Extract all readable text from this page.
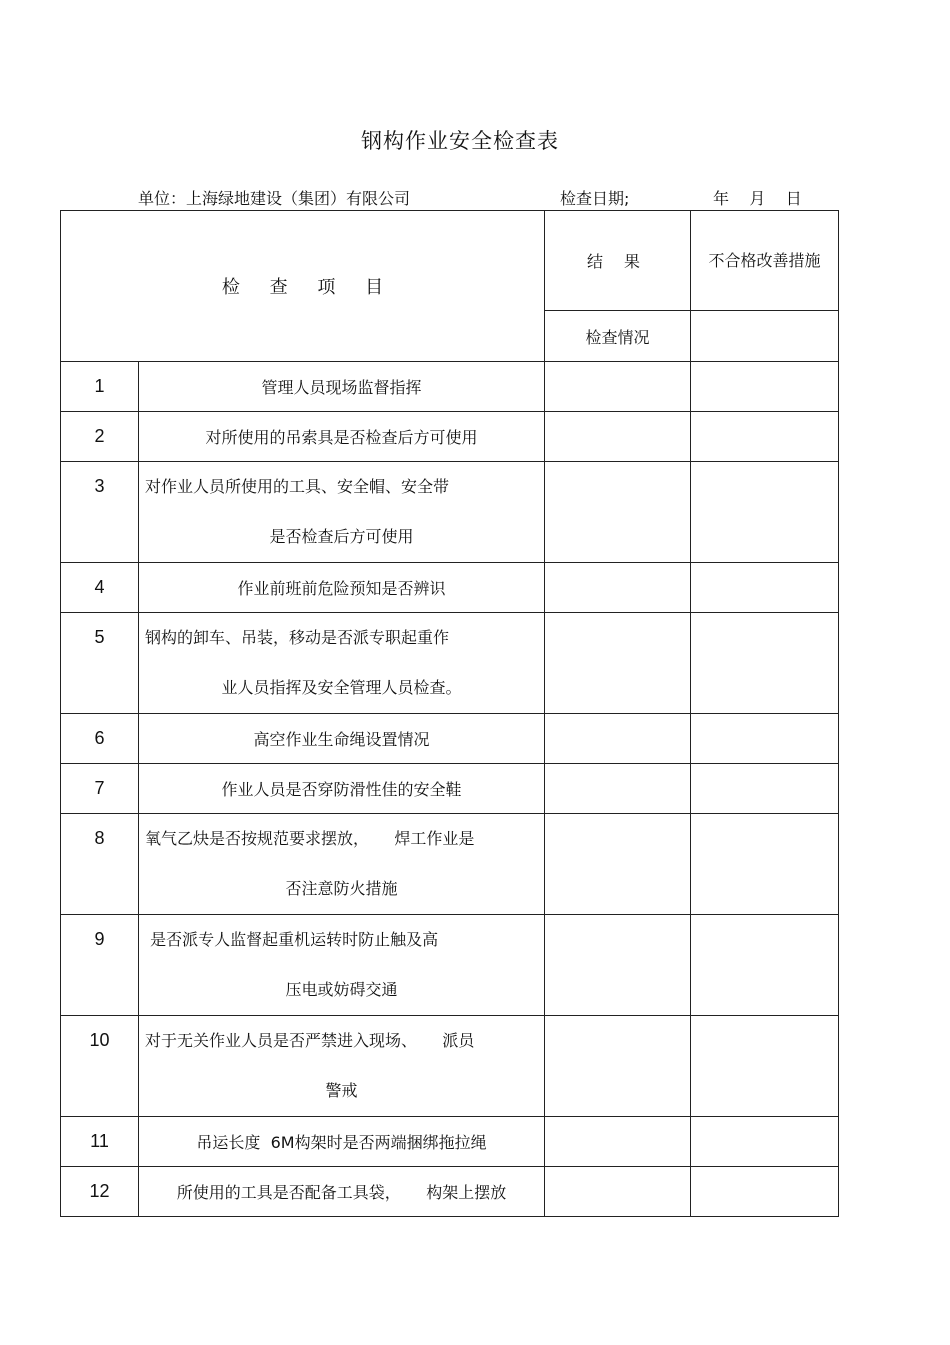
钢构作业安全检查表
单位：上海绿地建设（集团）有限公司	检查日期;	年    月    日
检 查 项 目		结 果	不合格改善措施
		检查情况	
1	管理人员现场监督指挥		

2	对所使用的吊索具是否检查后方可使用		

3	对作业人员所使用的工具、安全帽、安全带
是否检查后方可使用		

4	作业前班前危险预知是否辨识		

5	钢构的卸车、吊装，移动是否派专职起重作
业人员指挥及安全管理人员检查。		

6	高空作业生命绳设置情况		

7	作业人员是否穿防滑性佳的安全鞋		

8	氧气乙炔是否按规范要求摆放，     焊工作业是
否注意防火措施		

9	是否派专人监督起重机运转时防止触及高
压电或妨碍交通		

10	对于无关作业人员是否严禁进入现场、     派员
警戒		

11	吊运长度  6M构架时是否两端捆绑拖拉绳		

12	所使用的工具是否配备工具袋，     构架上摆放		
